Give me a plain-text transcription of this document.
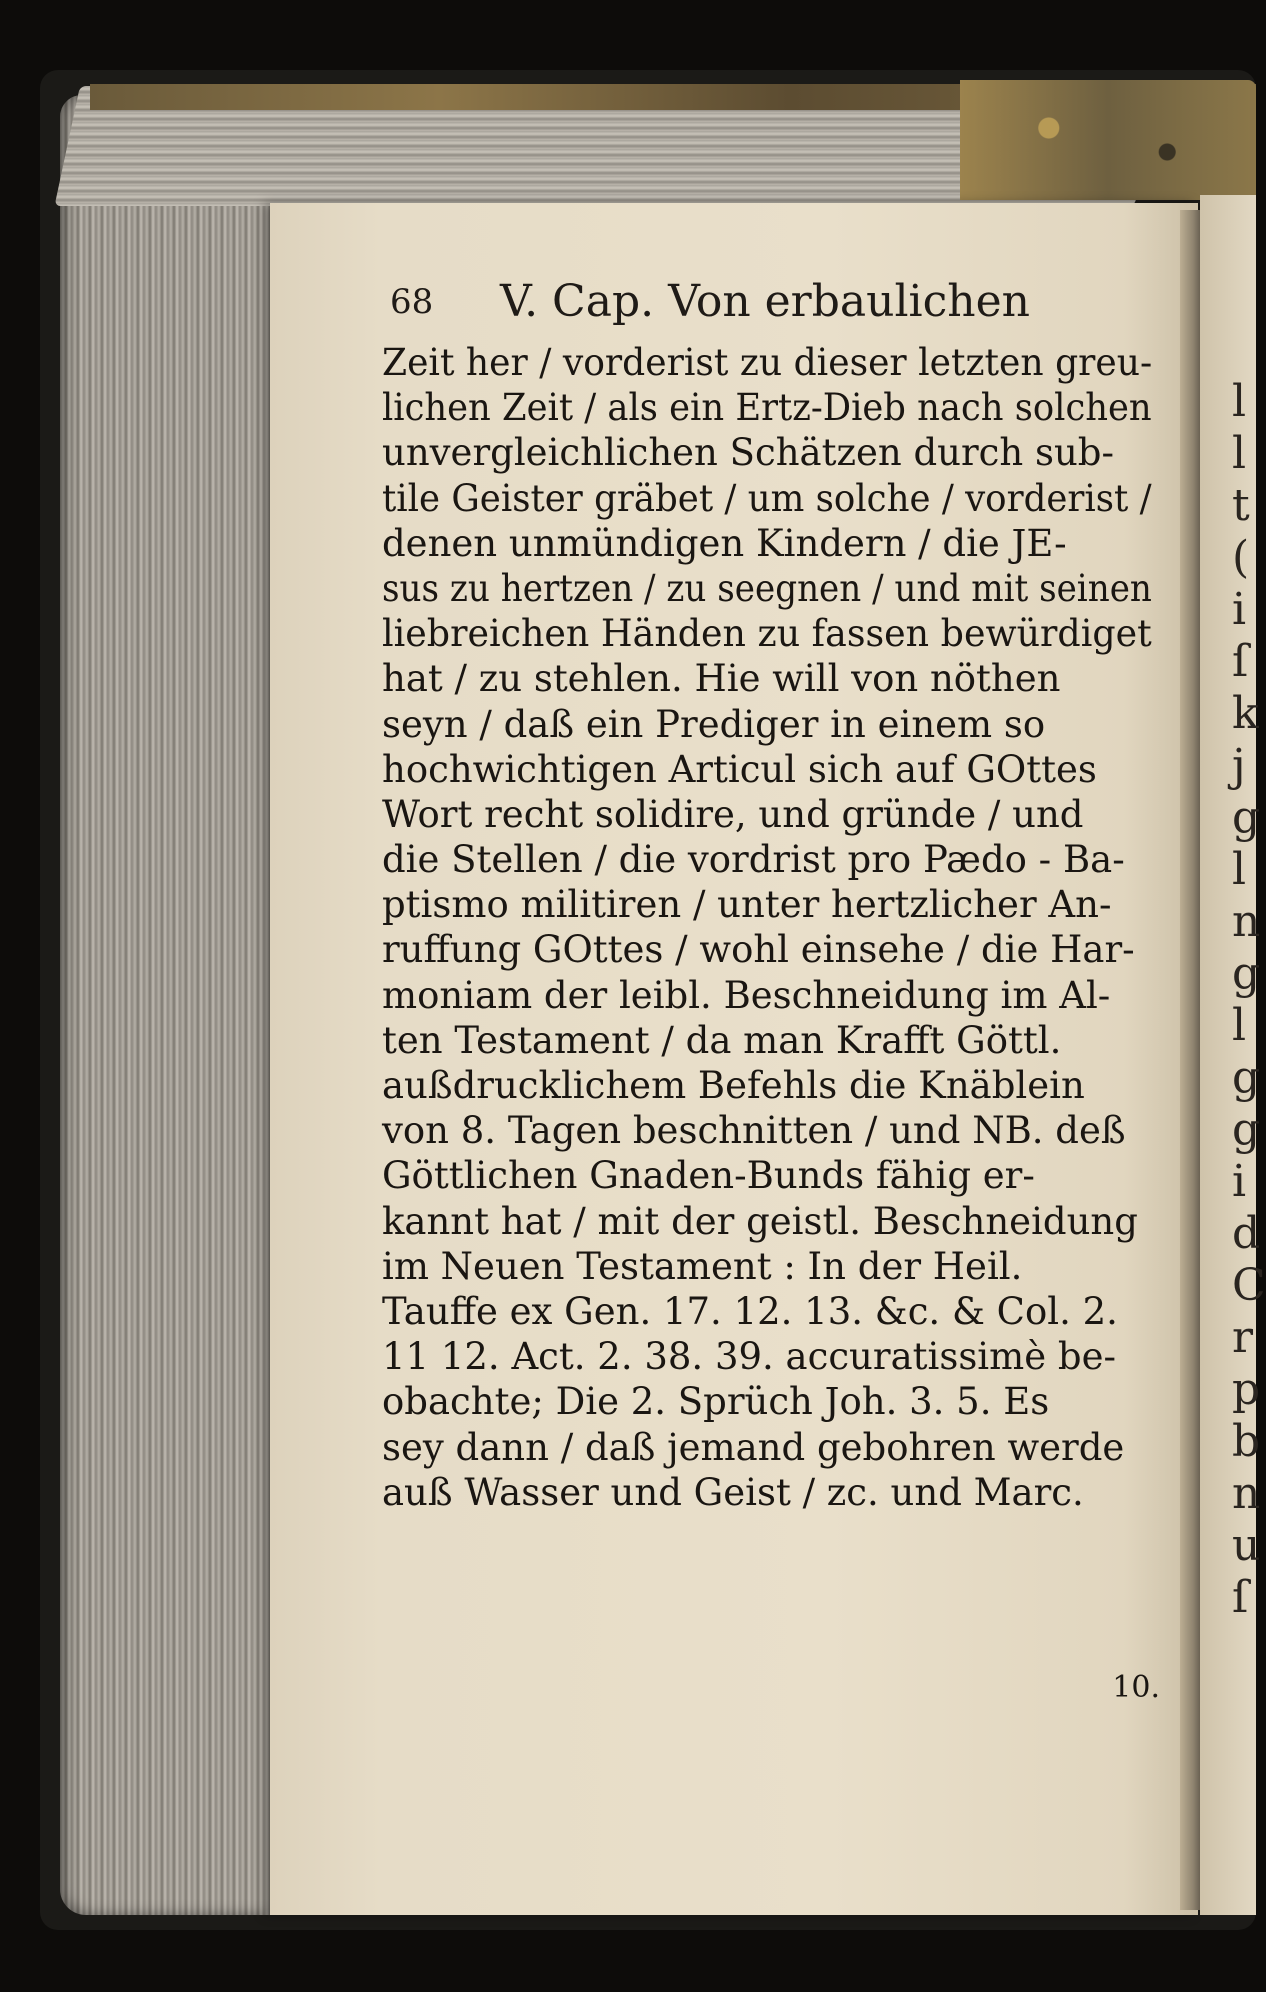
l
l
t
(
i
ſ
k
j
g
l
n
g
l
g
g
i
d
C
r
p
b
n
u
ſ
68 V. Cap. Von erbaulichen
Zeit her / vorderist zu dieser letzten greu-
lichen Zeit / als ein Ertz-Dieb nach solchen
unvergleichlichen Schätzen durch sub-
tile Geister gräbet / um solche / vorderist /
denen unmündigen Kindern / die JE-
sus zu hertzen / zu seegnen / und mit seinen
liebreichen Händen zu fassen bewürdiget
hat / zu stehlen. Hie will von nöthen
seyn / daß ein Prediger in einem so
hochwichtigen Articul sich auf GOttes
Wort recht solidire, und gründe / und
die Stellen / die vordrist pro Pædo - Ba-
ptismo militiren / unter hertzlicher An-
ruffung GOttes / wohl einsehe / die Har-
moniam der leibl. Beschneidung im Al-
ten Testament / da man Krafft Göttl.
außdrucklichem Befehls die Knäblein
von 8. Tagen beschnitten / und NB. deß
Göttlichen Gnaden-Bunds fähig er-
kannt hat / mit der geistl. Beschneidung
im Neuen Testament : In der Heil.
Tauffe ex Gen. 17. 12. 13. &c. & Col. 2.
11 12. Act. 2. 38. 39. accuratissimè be-
obachte; Die 2. Sprüch Joh. 3. 5. Es
sey dann / daß jemand gebohren werde
auß Wasser und Geist / zc. und Marc.
10.
